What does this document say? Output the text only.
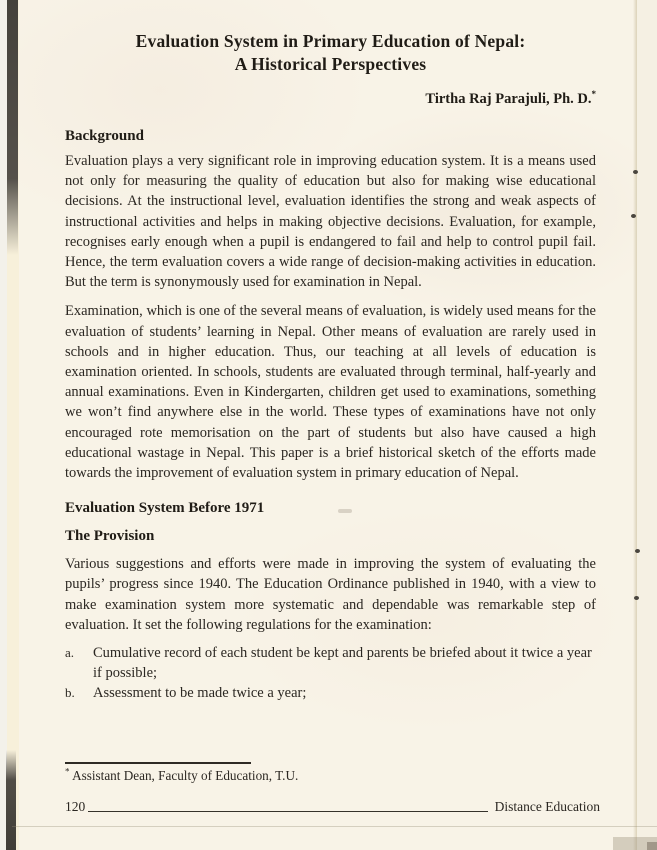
Evaluation System in Primary Education of Nepal:
A Historical Perspectives
Tirtha Raj Parajuli, Ph. D.*
Background

Evaluation plays a very significant role in improving education system. It is a means used not only for measuring the quality of education but also for making wise educational decisions. At the instructional level, evaluation identifies the strong and weak aspects of instructional activities and helps in making objective decisions. Evaluation, for example, recognises early enough when a pupil is endangered to fail and help to control pupil fail. Hence, the term evaluation covers a wide range of decision-making activities in education. But the term is synonymously used for examination in Nepal.

Examination, which is one of the several means of evaluation, is widely used means for the evaluation of students’ learning in Nepal. Other means of evaluation are rarely used in schools and in higher education. Thus, our teaching at all levels of education is examination oriented. In schools, students are evaluated through terminal, half-yearly and annual examinations. Even in Kindergarten, children get used to examinations, something we won’t find anywhere else in the world. These types of examinations have not only encouraged rote memorisation on the part of students but also have caused a high educational wastage in Nepal. This paper is a brief historical sketch of the efforts made towards the improvement of evaluation system in primary education of Nepal.

Evaluation System Before 1971
The Provision

Various suggestions and efforts were made in improving the system of evaluating the pupils’ progress since 1940. The Education Ordinance published in 1940, with a view to make examination system more systematic and dependable was remarkable step of evaluation. It set the following regulations for the examination:

a.	Cumulative record of each student be kept and parents be briefed about it twice a year if possible;
b.	Assessment to be made twice a year;
* Assistant Dean, Faculty of Education, T.U.
120	Distance Education
